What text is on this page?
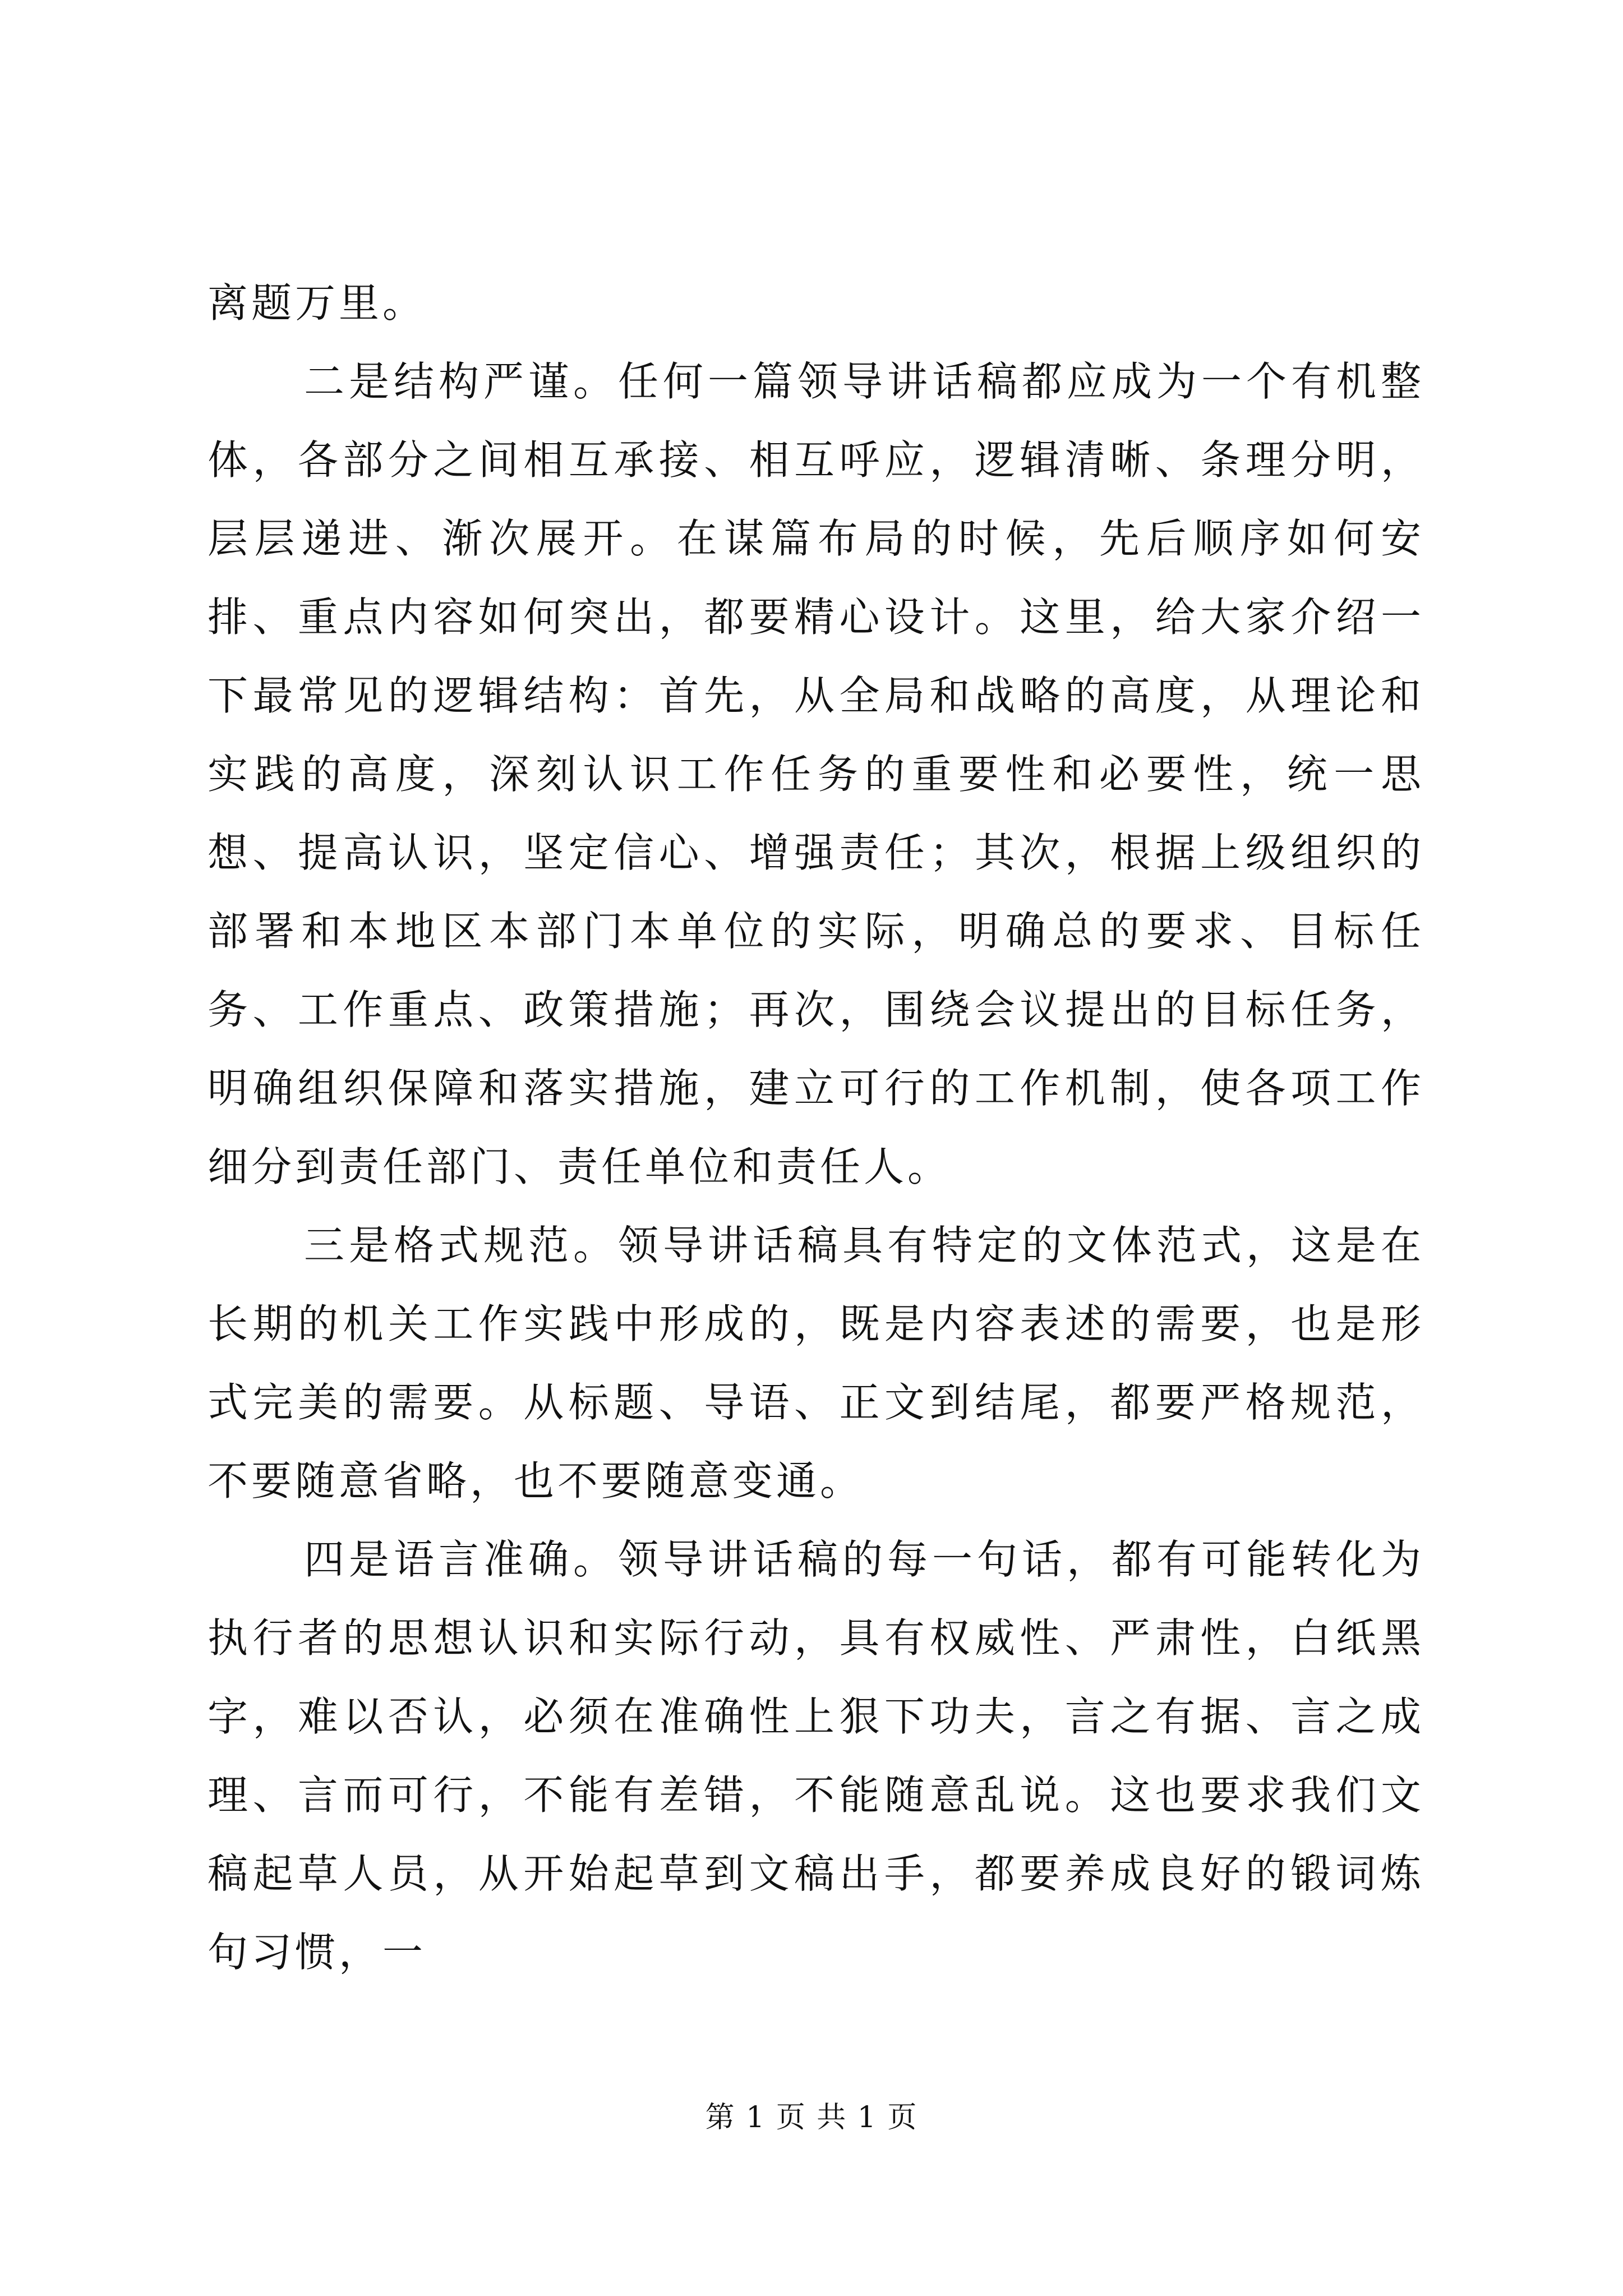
离题万里。

二是结构严谨。任何一篇领导讲话稿都应成为一个有机整体，各部分之间相互承接、相互呼应，逻辑清晰、条理分明，层层递进、渐次展开。在谋篇布局的时候，先后顺序如何安排、重点内容如何突出，都要精心设计。这里，给大家介绍一下最常见的逻辑结构：首先，从全局和战略的高度，从理论和实践的高度，深刻认识工作任务的重要性和必要性，统一思想、提高认识，坚定信心、增强责任；其次，根据上级组织的部署和本地区本部门本单位的实际，明确总的要求、目标任务、工作重点、政策措施；再次，围绕会议提出的目标任务，明确组织保障和落实措施，建立可行的工作机制，使各项工作细分到责任部门、责任单位和责任人。

三是格式规范。领导讲话稿具有特定的文体范式，这是在长期的机关工作实践中形成的，既是内容表述的需要，也是形式完美的需要。从标题、导语、正文到结尾，都要严格规范，不要随意省略，也不要随意变通。

四是语言准确。领导讲话稿的每一句话，都有可能转化为执行者的思想认识和实际行动，具有权威性、严肃性，白纸黑字，难以否认，必须在准确性上狠下功夫，言之有据、言之成理、言而可行，不能有差错，不能随意乱说。这也要求我们文稿起草人员，从开始起草到文稿出手，都要养成良好的锻词炼句习惯，一

第 1 页 共 1 页
